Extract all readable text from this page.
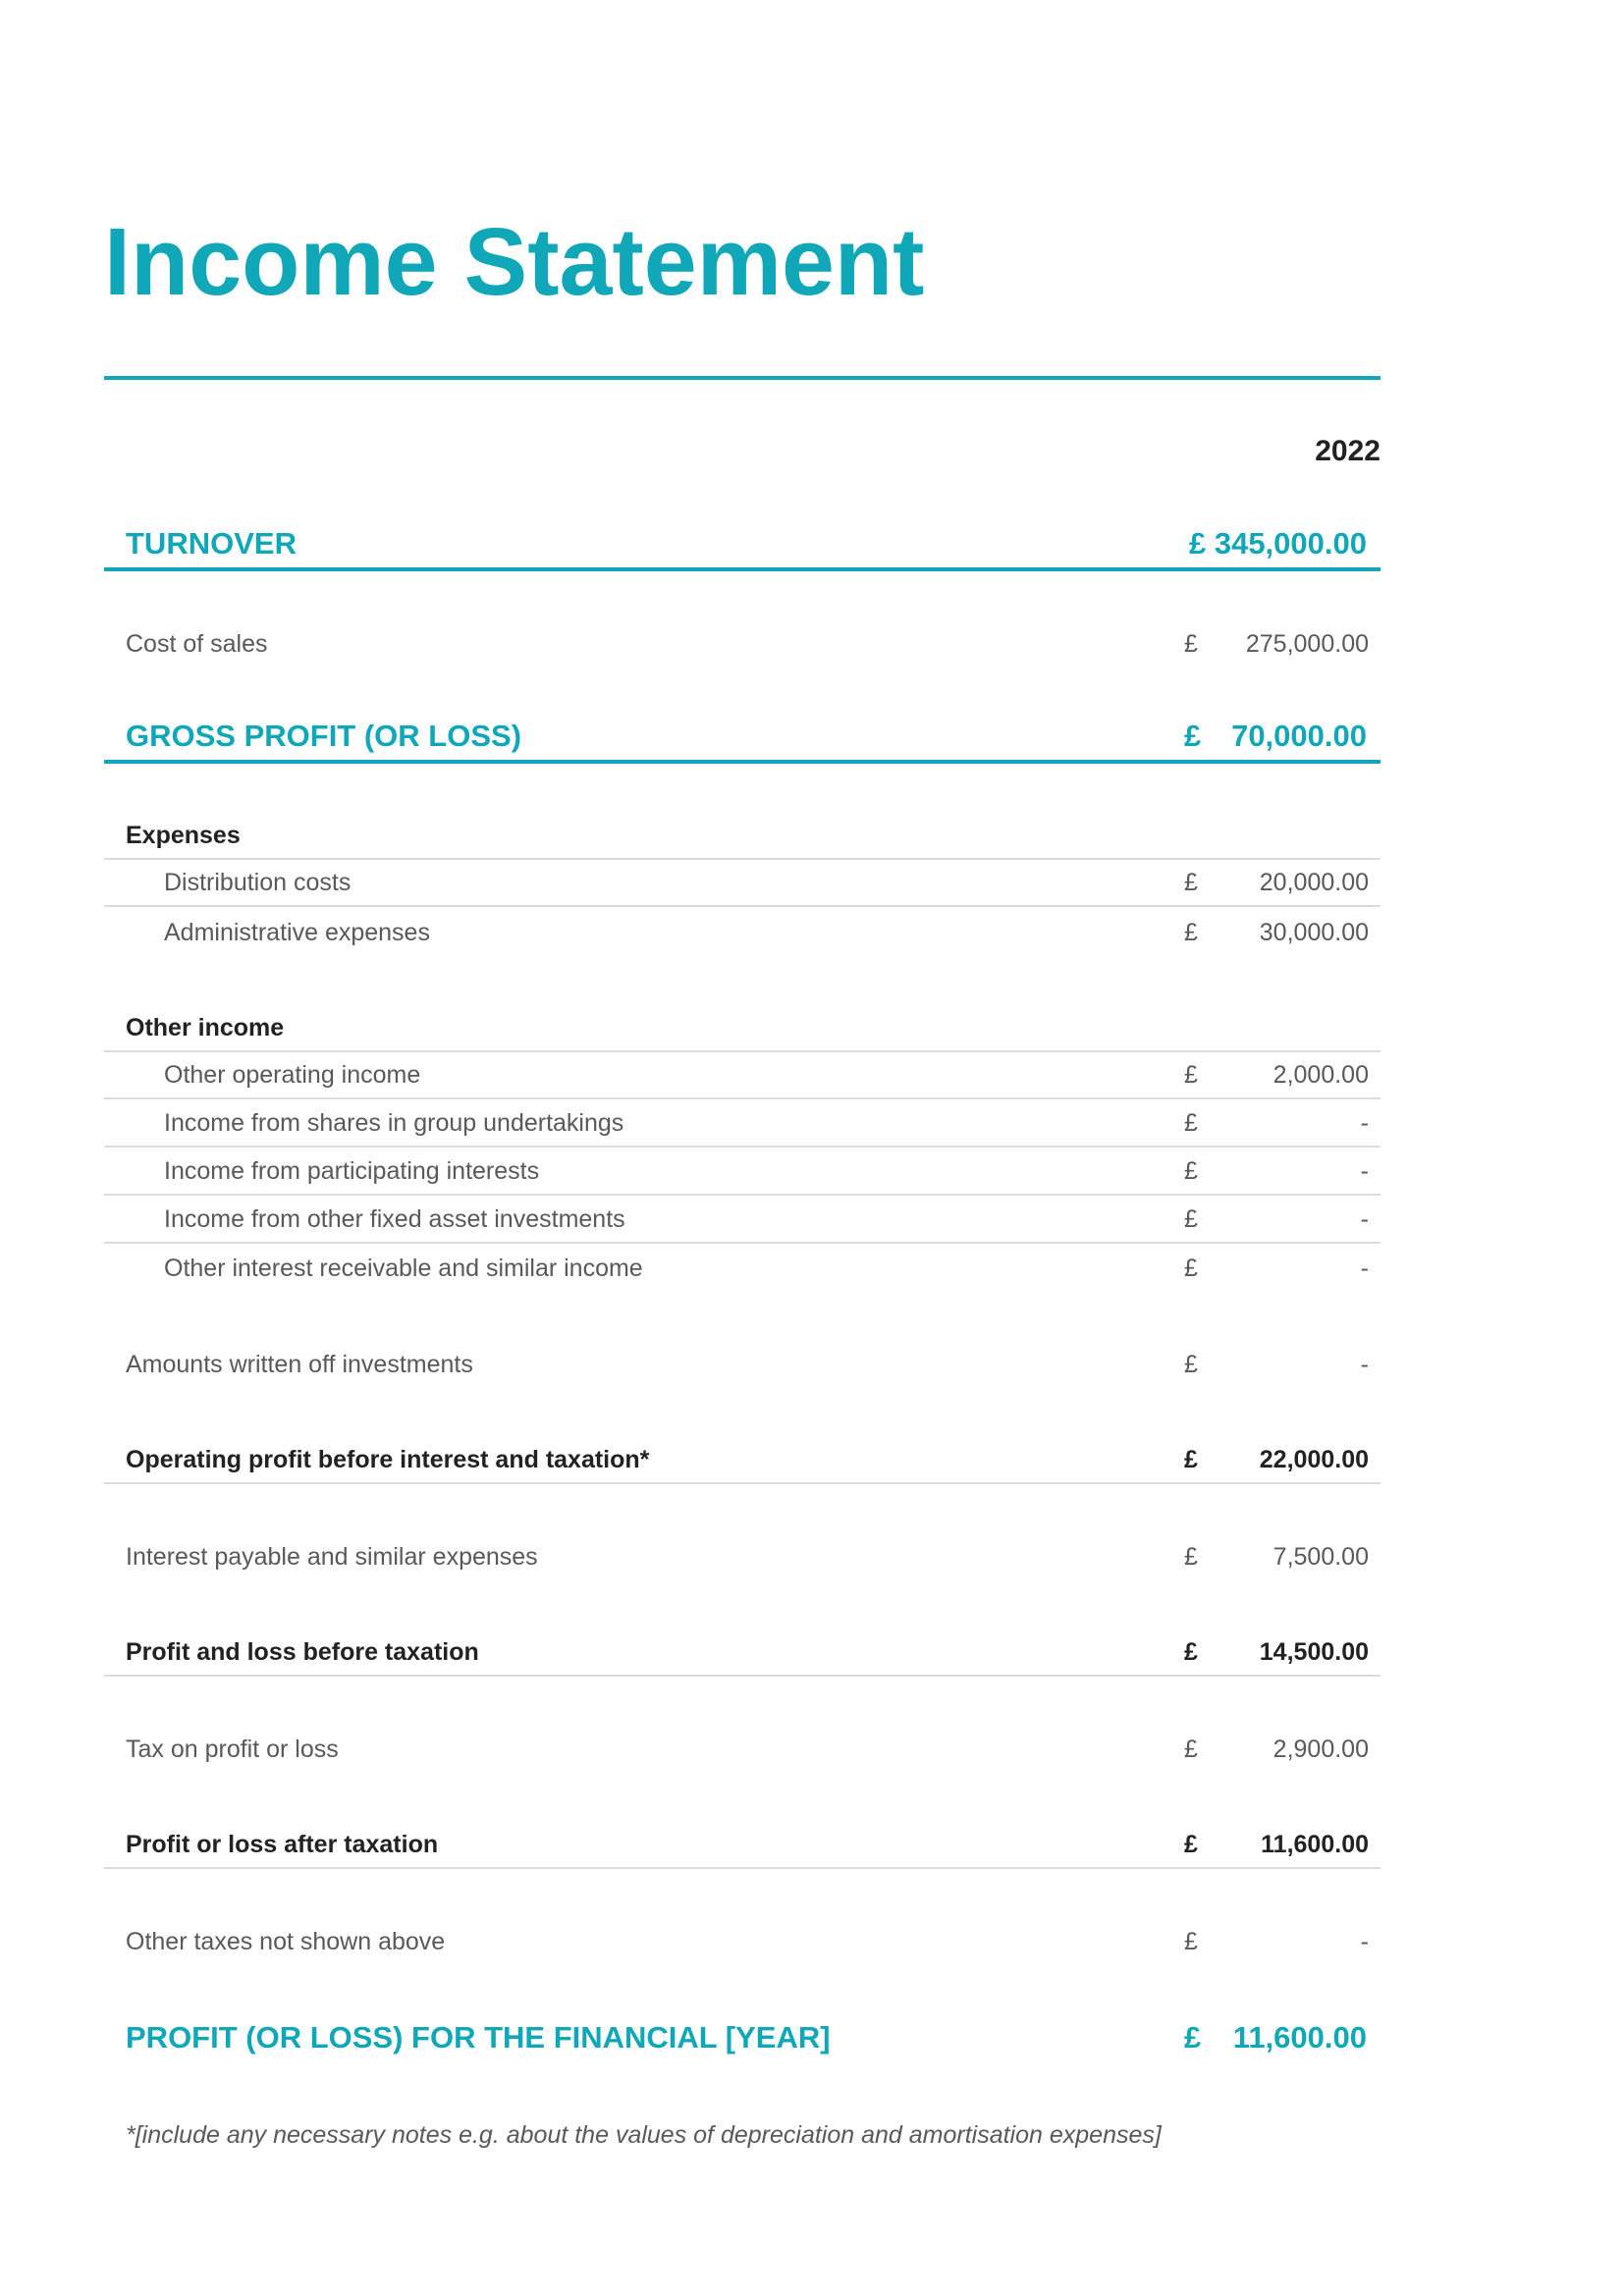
Income Statement
2022
TURNOVER	£ 345,000.00
Cost of sales	£	275,000.00
GROSS PROFIT (OR LOSS)	£ 70,000.00
Expenses
Distribution costs	£	20,000.00
Administrative expenses	£	30,000.00
Other income
Other operating income	£	2,000.00
Income from shares in group undertakings	£	-
Income from participating interests	£	-
Income from other fixed asset investments	£	-
Other interest receivable and similar income	£	-
Amounts written off investments	£	-
Operating profit before interest and taxation*	£	22,000.00
Interest payable and similar expenses	£	7,500.00
Profit and loss before taxation	£	14,500.00
Tax on profit or loss	£	2,900.00
Profit or loss after taxation	£	11,600.00
Other taxes not shown above	£	-
PROFIT (OR LOSS) FOR THE FINANCIAL [YEAR]	£	11,600.00
*[include any necessary notes e.g. about the values of depreciation and amortisation expenses]
